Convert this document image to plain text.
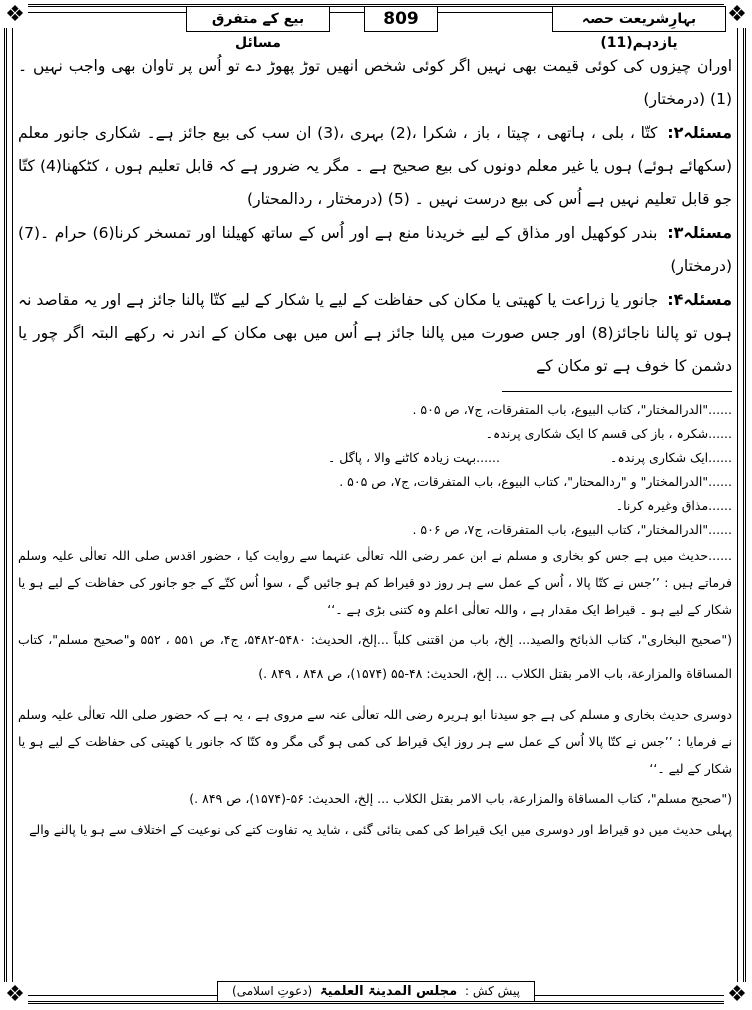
❖	❖
❖	❖
بہارِشریعت حصہ یازدہم(11)
809
بیع کے متفرق مسائل

اوران چیزوں کی کوئی قیمت بھی نہیں اگر کوئی شخص انھیں توڑ پھوڑ دے تو اُس پر تاوان بھی واجب نہیں ۔(1) (درمختار)

مسئلہ۲: کتّا ، بلی ، ہاتھی ، چیتا ، باز ، شکرا ،(2) بہری ،(3) ان سب کی بیع جائز ہے۔ شکاری جانور معلم (سکھائے ہوئے) ہوں یا غیر معلم دونوں کی بیع صحیح ہے ۔ مگر یہ ضرور ہے کہ قابل تعلیم ہوں ، کٹکھنا(4) کتّا جو قابل تعلیم نہیں ہے اُس کی بیع درست نہیں ۔ (5) (درمختار ، ردالمحتار)

مسئلہ۳: بندر کوکھیل اور مذاق کے لیے خریدنا منع ہے اور اُس کے ساتھ کھیلنا اور تمسخر کرنا(6) حرام ۔(7) (درمختار)

مسئلہ۴: جانور یا زراعت یا کھیتی یا مکان کی حفاظت کے لیے یا شکار کے لیے کتّا پالنا جائز ہے اور یہ مقاصد نہ ہوں تو پالنا ناجائز(8) اور جس صورت میں پالنا جائز ہے اُس میں بھی مکان کے اندر نہ رکھے البتہ اگر چور یا دشمن کا خوف ہے تو مکان کے

......"الدرالمختار"، کتاب البیوع، باب المتفرقات، ج۷، ص ۵۰۵ .

......شکرہ ، باز کی قسم کا ایک شکاری پرندہ۔

......ایک شکاری پرندہ۔......بہت زیادہ کاٹنے والا ، پاگل ۔

......"الدرالمختار" و "ردالمحتار"، کتاب البیوع، باب المتفرقات، ج۷، ص ۵۰۵ .

......مذاق وغیرہ کرنا۔

......"الدرالمختار"، کتاب البیوع، باب المتفرقات، ج۷، ص ۵۰۶ .

......حدیث میں ہے جس کو بخاری و مسلم نے ابن عمر رضی اللہ تعالٰی عنہما سے روایت کیا ، حضور اقدس صلی اللہ تعالٰی علیہ وسلم فرماتے ہیں : ’’جس نے کتّا پالا ، اُس کے عمل سے ہر روز دو قیراط کم ہو جائیں گے ، سوا اُس کتّے کے جو جانور کی حفاظت کے لیے ہو یا شکار کے لیے ہو ۔ قیراط ایک مقدار ہے ، واللہ تعالٰی اعلم وہ کتنی بڑی ہے ۔‘‘

("صحیح البخاری"، کتاب الذبائح والصید... إلخ، باب من اقتنی کلباً ...إلخ، الحدیث: ۵۴۸۰-۵۴۸۲، ج۴، ص ۵۵۱ ، ۵۵۲ و"صحیح مسلم"، کتاب المساقاة والمزارعة، باب الامر بقتل الکلاب ... إلخ، الحدیث: ۴۸-۵۵ (۱۵۷۴)، ص ۸۴۸ ، ۸۴۹ .)

دوسری حدیث بخاری و مسلم کی ہے جو سیدنا ابو ہریرہ رضی اللہ تعالٰی عنہ سے مروی ہے ، یہ ہے کہ حضور صلی اللہ تعالٰی علیہ وسلم نے فرمایا : ’’جس نے کتّا پالا اُس کے عمل سے ہر روز ایک قیراط کی کمی ہو گی مگر وہ کتّا کہ جانور یا کھیتی کی حفاظت کے لیے ہو یا شکار کے لیے ۔‘‘

("صحیح مسلم"، کتاب المساقاة والمزارعة، باب الامر بقتل الکلاب ... إلخ، الحدیث: ۵۶-(۱۵۷۴)، ص ۸۴۹ .)

پہلی حدیث میں دو قیراط اور دوسری میں ایک قیراط کی کمی بتائی گئی ، شاید یہ تفاوت کتے کی نوعیت کے اختلاف سے ہو یا پالنے والے

پیش کش : مجلس المدینۃ العلمیۃ (دعوتِ اسلامی)
